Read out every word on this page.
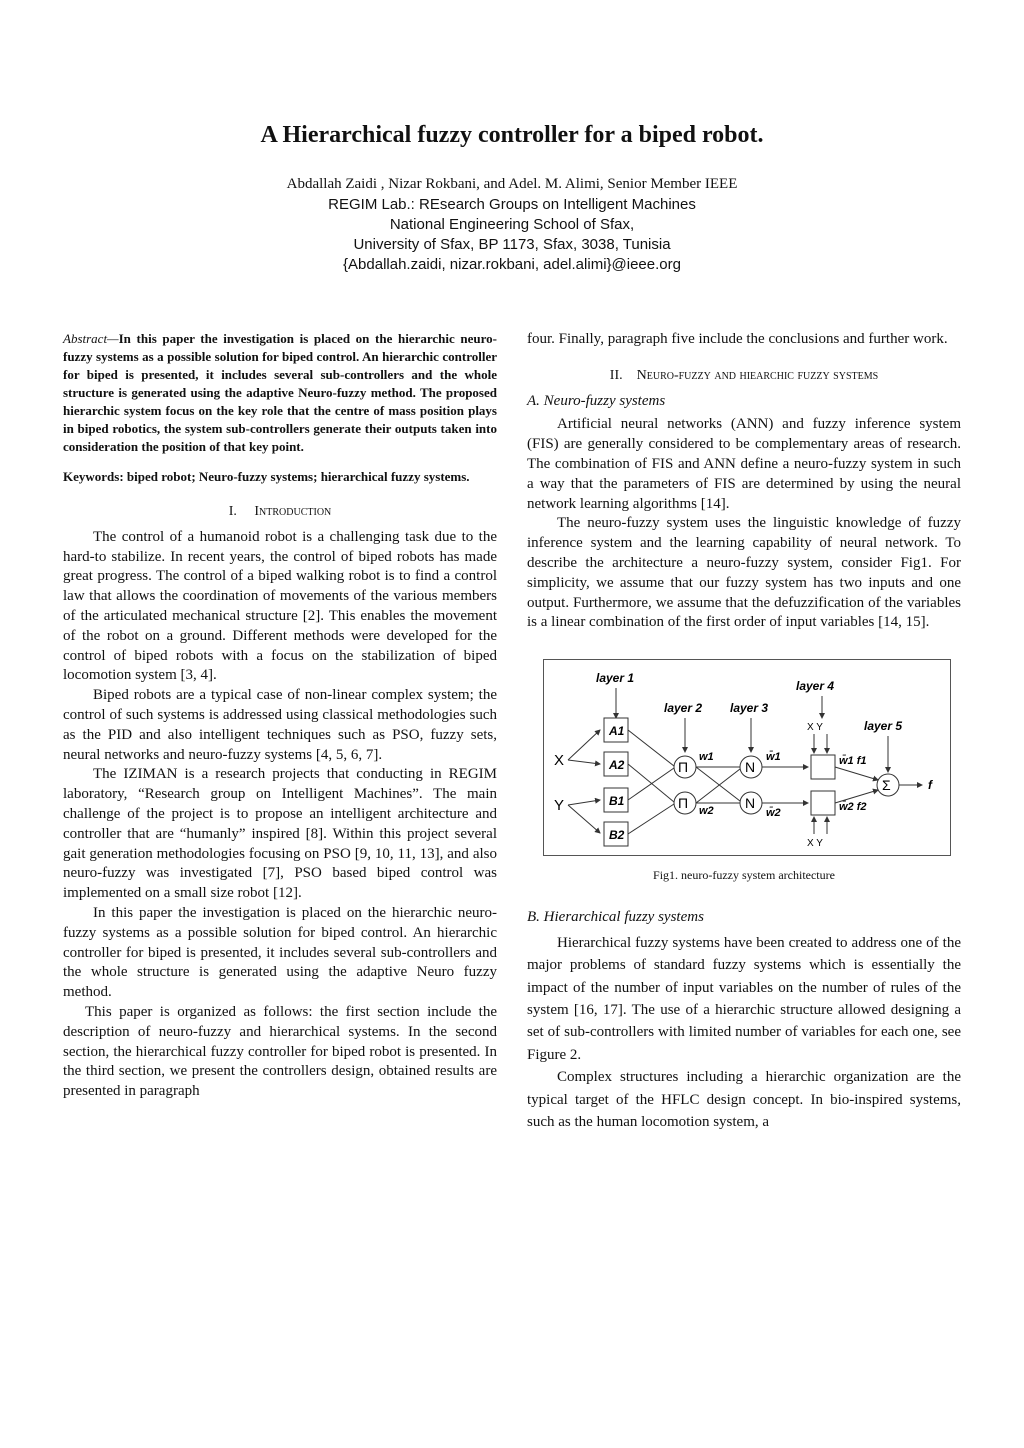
A Hierarchical fuzzy controller for a biped robot.
Abdallah Zaidi , Nizar Rokbani, and Adel. M. Alimi, Senior Member IEEE
REGIM Lab.: REsearch Groups on Intelligent Machines
National Engineering School of Sfax,
University of Sfax, BP 1173, Sfax, 3038, Tunisia
{Abdallah.zaidi, nizar.rokbani, adel.alimi}@ieee.org

Abstract—In this paper the investigation is placed on the hierarchic neuro-fuzzy systems as a possible solution for biped control. An hierarchic controller for biped is presented, it includes several sub-controllers and the whole structure is generated using the adaptive Neuro-fuzzy method. The proposed hierarchic system focus on the key role that the centre of mass position plays in biped robotics, the system sub-controllers generate their outputs taken into consideration the position of that key point.

Keywords: biped robot; Neuro-fuzzy systems; hierarchical fuzzy systems.

I. Introduction

The control of a humanoid robot is a challenging task due to the hard-to stabilize. In recent years, the control of biped robots has made great progress. The control of a biped walking robot is to find a control law that allows the coordination of movements of the various members of the articulated mechanical structure [2]. This enables the movement of the robot on a ground. Different methods were developed for the control of biped robots with a focus on the stabilization of biped locomotion system [3, 4].

Biped robots are a typical case of non-linear complex system; the control of such systems is addressed using classical methodologies such as the PID and also intelligent techniques such as PSO, fuzzy sets, neural networks and neuro-fuzzy systems [4, 5, 6, 7].

The IZIMAN is a research projects that conducting in REGIM laboratory, “Research group on Intelligent Machines”. The main challenge of the project is to propose an intelligent architecture and controller that are “humanly” inspired [8]. Within this project several gait generation methodologies focusing on PSO [9, 10, 11, 13], and also neuro-fuzzy was investigated [7], PSO based biped control was implemented on a small size robot [12].

In this paper the investigation is placed on the hierarchic neuro-fuzzy systems as a possible solution for biped control. An hierarchic controller for biped is presented, it includes several sub-controllers and the whole structure is generated using the adaptive Neuro fuzzy method.

This paper is organized as follows: the first section include the description of neuro-fuzzy and hierarchical systems. In the second section, the hierarchical fuzzy controller for biped robot is presented. In the third section, we present the controllers design, obtained results are presented in paragraph

four. Finally, paragraph five include the conclusions and further work.

II. Neuro-fuzzy and hiearchic fuzzy systems
A. Neuro-fuzzy systems

Artificial neural networks (ANN) and fuzzy inference system (FIS) are generally considered to be complementary areas of research. The combination of FIS and ANN define a neuro-fuzzy system in such a way that the parameters of FIS are determined by using the neural network learning algorithms [14].

The neuro-fuzzy system uses the linguistic knowledge of fuzzy inference system and the learning capability of neural network. To describe the architecture a neuro-fuzzy system, consider Fig1. For simplicity, we assume that our fuzzy system has two inputs and one output. Furthermore, we assume that the defuzzification of the variables is a linear combination of the first order of input variables [14, 15].

layer 1
layer 2 layer 3
layer 4
layer 5
X
Y
A1
A2
B1
B2
Π
Π
w1
w2
N
N
w̄1
w̄2
X Y
X Y
w̄1 f1
w̄2 f2
Σ	f
Fig1. neuro-fuzzy system architecture
B. Hierarchical fuzzy systems

Hierarchical fuzzy systems have been created to address one of the major problems of standard fuzzy systems which is essentially the impact of the number of input variables on the number of rules of the system [16, 17]. The use of a hierarchic structure allowed designing a set of sub-controllers with limited number of variables for each one, see Figure 2.

Complex structures including a hierarchic organization are the typical target of the HFLC design concept. In bio-inspired systems, such as the human locomotion system, a
